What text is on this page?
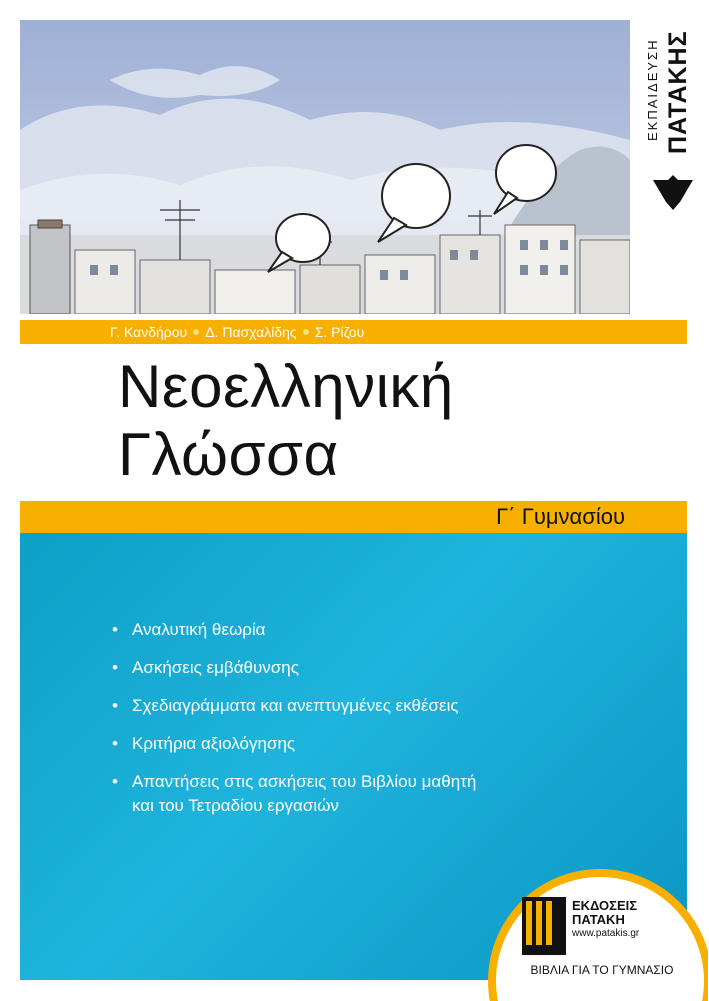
ΕΚΠΑΙΔΕΥΣΗ ΠΑΤΑΚΗΣ
Γ. Κανδήρου Δ. Πασχαλίδης Σ. Ρίζου
Νεοελληνική
Γλώσσα
Γ΄ Γυμνασίου
• Αναλυτική θεωρία
• Ασκήσεις εμβάθυνσης
• Σχεδιαγράμματα και ανεπτυγμένες εκθέσεις
• Κριτήρια αξιολόγησης
• Απαντήσεις στις ασκήσεις του Βιβλίου μαθητή
και του Τετραδίου εργασιών
ΕΚΔΟΣΕΙΣ
ΠΑΤΑΚΗ
www.patakis.gr
ΒΙΒΛΙΑ ΓΙΑ ΤΟ ΓΥΜΝΑΣΙΟ
